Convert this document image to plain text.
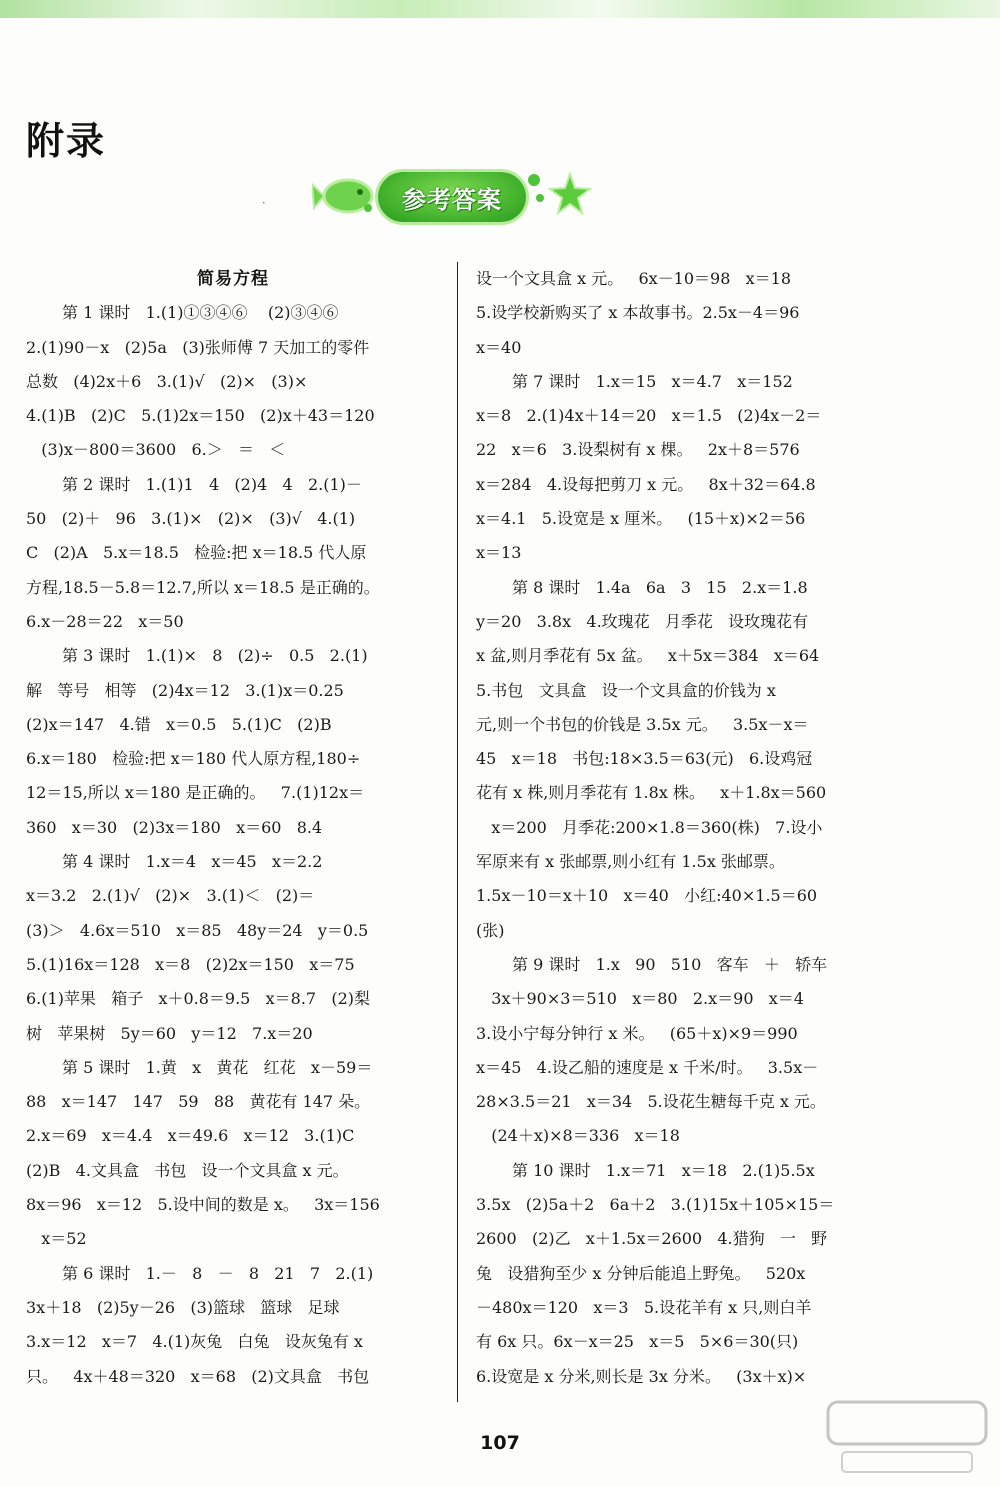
附录
ᐧ	参考答案
简易方程
第 1 课时   1.(1)①③④⑥    (2)③④⑥
2.(1)90－x   (2)5a   (3)张师傅 7 天加工的零件
总数   (4)2x＋6   3.(1)√   (2)×   (3)×
4.(1)B   (2)C   5.(1)2x＝150   (2)x＋43＝120
(3)x－800＝3600   6.＞   ＝   ＜
第 2 课时   1.(1)1   4   (2)4   4   2.(1)－
50   (2)＋   96   3.(1)×   (2)×   (3)√   4.(1)
C   (2)A   5.x＝18.5   检验:把 x＝18.5 代人原
方程,18.5－5.8＝12.7,所以 x＝18.5 是正确的。
6.x－28＝22   x＝50
第 3 课时   1.(1)×   8   (2)÷   0.5   2.(1)
解   等号   相等   (2)4x＝12   3.(1)x＝0.25
(2)x＝147   4.错   x＝0.5   5.(1)C   (2)B
6.x＝180   检验:把 x＝180 代人原方程,180÷
12＝15,所以 x＝180 是正确的。   7.(1)12x＝
360   x＝30   (2)3x＝180   x＝60   8.4
第 4 课时   1.x＝4   x＝45   x＝2.2
x＝3.2   2.(1)√   (2)×   3.(1)＜   (2)＝
(3)＞   4.6x＝510   x＝85   48y＝24   y＝0.5
5.(1)16x＝128   x＝8   (2)2x＝150   x＝75
6.(1)苹果   箱子   x＋0.8＝9.5   x＝8.7   (2)梨
树   苹果树   5y＝60   y＝12   7.x＝20
第 5 课时   1.黄   x   黄花   红花   x－59＝
88   x＝147   147   59   88   黄花有 147 朵。
2.x＝69   x＝4.4   x＝49.6   x＝12   3.(1)C
(2)B   4.文具盒   书包   设一个文具盒 x 元。
8x＝96   x＝12   5.设中间的数是 x。   3x＝156
x＝52
第 6 课时   1.－   8   －   8   21   7   2.(1)
3x＋18   (2)5y－26   (3)篮球   篮球   足球
3.x＝12   x＝7   4.(1)灰兔   白兔   设灰兔有 x
只。   4x＋48＝320   x＝68   (2)文具盒   书包
设一个文具盒 x 元。   6x－10＝98   x＝18
5.设学校新购买了 x 本故事书。2.5x－4＝96
x＝40
第 7 课时   1.x＝15   x＝4.7   x＝152
x＝8   2.(1)4x＋14＝20   x＝1.5   (2)4x－2＝
22   x＝6   3.设梨树有 x 棵。   2x＋8＝576
x＝284   4.设每把剪刀 x 元。   8x＋32＝64.8
x＝4.1   5.设宽是 x 厘米。   (15＋x)×2＝56
x＝13
第 8 课时   1.4a   6a   3   15   2.x＝1.8
y＝20   3.8x   4.玫瑰花   月季花   设玫瑰花有
x 盆,则月季花有 5x 盆。   x＋5x＝384   x＝64
5.书包   文具盒   设一个文具盒的价钱为 x
元,则一个书包的价钱是 3.5x 元。   3.5x－x＝
45   x＝18   书包:18×3.5＝63(元)   6.设鸡冠
花有 x 株,则月季花有 1.8x 株。   x＋1.8x＝560
x＝200   月季花:200×1.8＝360(株)   7.设小
军原来有 x 张邮票,则小红有 1.5x 张邮票。
1.5x－10＝x＋10   x＝40   小红:40×1.5＝60
(张)
第 9 课时   1.x   90   510   客车   ＋   轿车
3x＋90×3＝510   x＝80   2.x＝90   x＝4
3.设小宁每分钟行 x 米。   (65＋x)×9＝990
x＝45   4.设乙船的速度是 x 千米/时。   3.5x－
28×3.5＝21   x＝34   5.设花生糖每千克 x 元。
(24＋x)×8＝336   x＝18
第 10 课时   1.x＝71   x＝18   2.(1)5.5x
3.5x   (2)5a＋2   6a＋2   3.(1)15x＋105×15＝
2600   (2)乙   x＋1.5x＝2600   4.猎狗   一   野
兔   设猎狗至少 x 分钟后能追上野兔。   520x
－480x＝120   x＝3   5.设花羊有 x 只,则白羊
有 6x 只。6x－x＝25   x＝5   5×6＝30(只)
6.设宽是 x 分米,则长是 3x 分米。   (3x＋x)×
107
